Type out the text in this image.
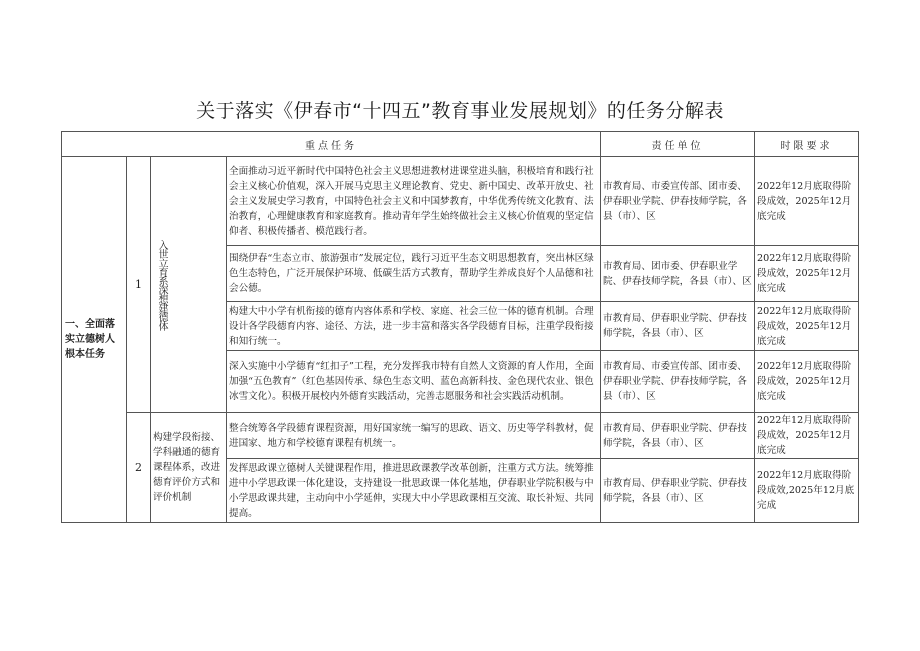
关于落实《伊春市“十四五”教育事业发展规划》的任务分解表
重点任务				责任单位	时限要求
一、全面落实立德树人根本任务	1	入世立育系深想建德体	全面推动习近平新时代中国特色社会主义思想进教材进课堂进头脑，积极培育和践行社会主义核心价值观，深入开展马克思主义理论教育、党史、新中国史、改革开放史、社会主义发展史学习教育，中国特色社会主义和中国梦教育，中华优秀传统文化教育、法治教育，心理健康教育和家庭教育。推动青年学生始终做社会主义核心价值观的坚定信仰者、积极传播者、模范践行者。	市教育局、市委宣传部、团市委、伊春职业学院、伊春技师学院，各县（市）、区	2022年12月底取得阶段成效，2025年12月底完成
			围绕伊春“生态立市、旅游强市”发展定位，践行习近平生态文明思想教育，突出林区绿色生态特色，广泛开展保护环境、低碳生活方式教育，帮助学生养成良好个人品德和社会公德。	市教育局、团市委、伊春职业学院、伊春技师学院，各县（市）、区	2022年12月底取得阶段成效，2025年12月底完成
			构建大中小学有机衔接的德育内容体系和学校、家庭、社会三位一体的德育机制。合理设计各学段德育内容、途径、方法，进一步丰富和落实各学段德育目标，注重学段衔接和知行统一。	市教育局、伊春职业学院、伊春技师学院，各县（市）、区	2022年12月底取得阶段成效，2025年12月底完成
			深入实施中小学德育“红扣子”工程，充分发挥我市特有自然人文资源的育人作用，全面加强“五色教育”（红色基因传承、绿色生态文明、蓝色高新科技、金色现代农业、银色冰雪文化）。积极开展校内外德育实践活动，完善志愿服务和社会实践活动机制。	市教育局、市委宣传部、团市委、伊春职业学院、伊春技师学院，各县（市）、区	2022年12月底取得阶段成效，2025年12月底完成
	2	构建学段衔接、学科融通的德育课程体系，改进德育评价方式和评价机制	整合统筹各学段德育课程资源，用好国家统一编写的思政、语文、历史等学科教材，促进国家、地方和学校德育课程有机统一。	市教育局、伊春职业学院、伊春技师学院，各县（市）、区	2022年12月底取得阶段成效，2025年12月底完成
			发挥思政课立德树人关键课程作用，推进思政课教学改革创新，注重方式方法。统筹推进中小学思政课一体化建设，支持建设一批思政课一体化基地，伊春职业学院积极与中小学思政课共建，主动向中小学延伸，实现大中小学思政课相互交流、取长补短、共同提高。	市教育局、伊春职业学院、伊春技师学院，各县（市）、区	2022年12月底取得阶段成效,2025年12月底完成
